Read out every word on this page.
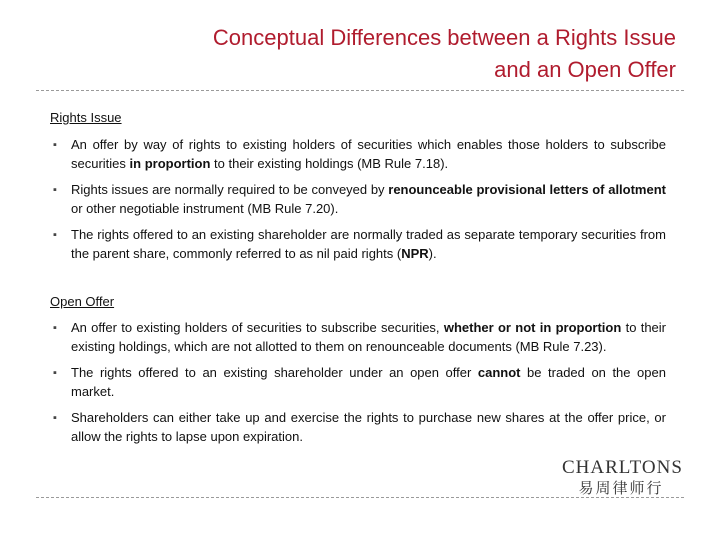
Conceptual Differences between a Rights Issue
and an Open Offer
Rights Issue
▪ An offer by way of rights to existing holders of securities which enables those holders to subscribe securities in proportion to their existing holdings (MB Rule 7.18).
▪ Rights issues are normally required to be conveyed by renounceable provisional letters of allotment or other negotiable instrument (MB Rule 7.20).
▪ The rights offered to an existing shareholder are normally traded as separate temporary securities from the parent share, commonly referred to as nil paid rights (NPR).
Open Offer
▪ An offer to existing holders of securities to subscribe securities, whether or not in proportion to their existing holdings, which are not allotted to them on renounceable documents (MB Rule 7.23).
▪ The rights offered to an existing shareholder under an open offer cannot be traded on the open market.
▪ Shareholders can either take up and exercise the rights to purchase new shares at the offer price, or allow the rights to lapse upon expiration.
CHARLTONS
易周律师行
